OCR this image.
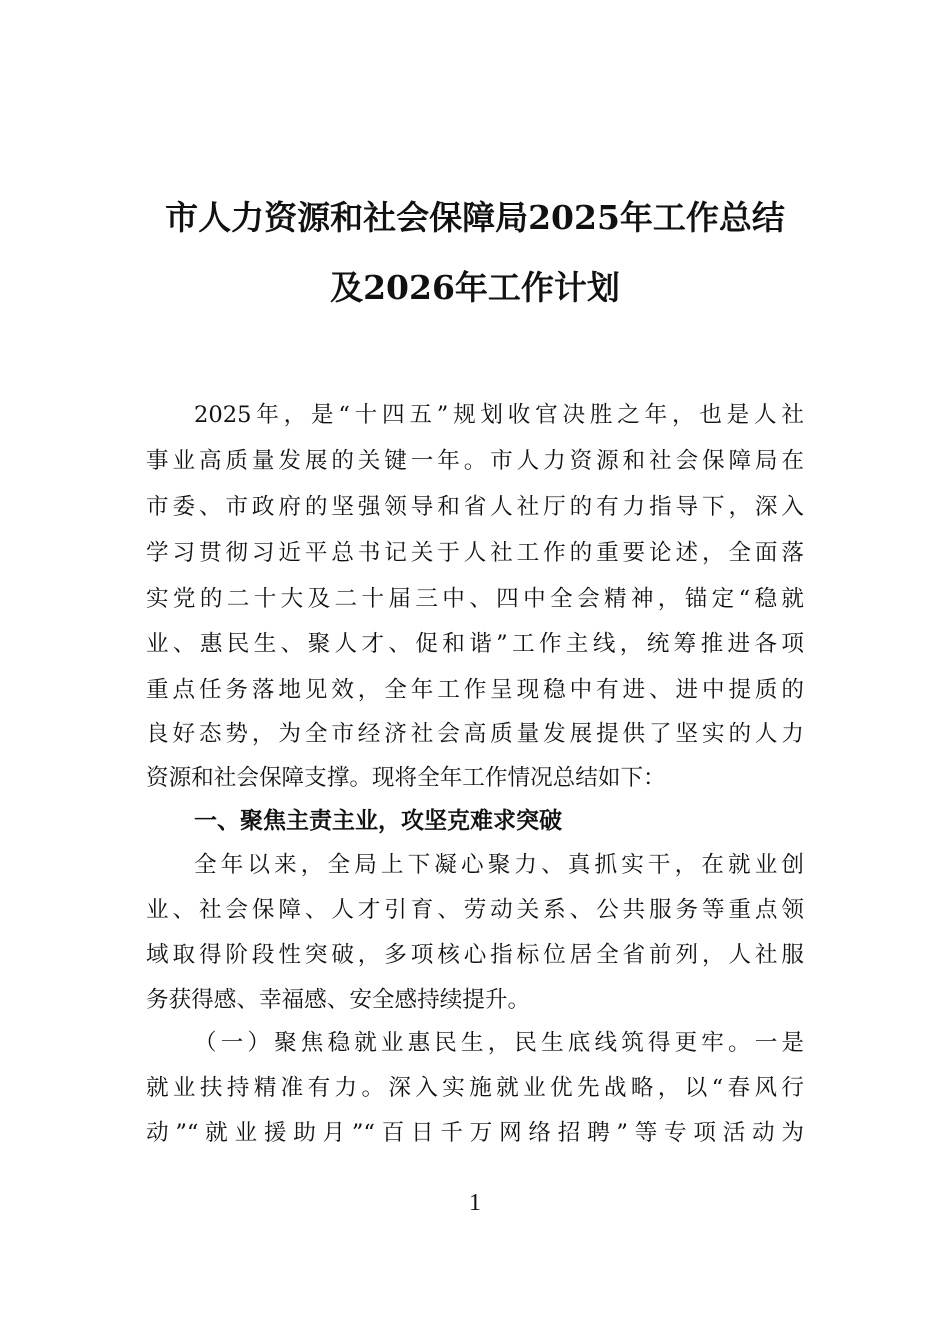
市人力资源和社会保障局2025年工作总结
及2026年工作计划
2025年，是“十四五”规划收官决胜之年，也是人社
事业高质量发展的关键一年。市人力资源和社会保障局在
市委、市政府的坚强领导和省人社厅的有力指导下，深入
学习贯彻习近平总书记关于人社工作的重要论述，全面落
实党的二十大及二十届三中、四中全会精神，锚定“稳就
业、惠民生、聚人才、促和谐”工作主线，统筹推进各项
重点任务落地见效，全年工作呈现稳中有进、进中提质的
良好态势，为全市经济社会高质量发展提供了坚实的人力
资源和社会保障支撑。现将全年工作情况总结如下：
一、聚焦主责主业，攻坚克难求突破
全年以来，全局上下凝心聚力、真抓实干，在就业创
业、社会保障、人才引育、劳动关系、公共服务等重点领
域取得阶段性突破，多项核心指标位居全省前列，人社服
务获得感、幸福感、安全感持续提升。
（一）聚焦稳就业惠民生，民生底线筑得更牢。一是
就业扶持精准有力。深入实施就业优先战略，以“春风行
动”“就业援助月”“百日千万网络招聘”等专项活动为
1
